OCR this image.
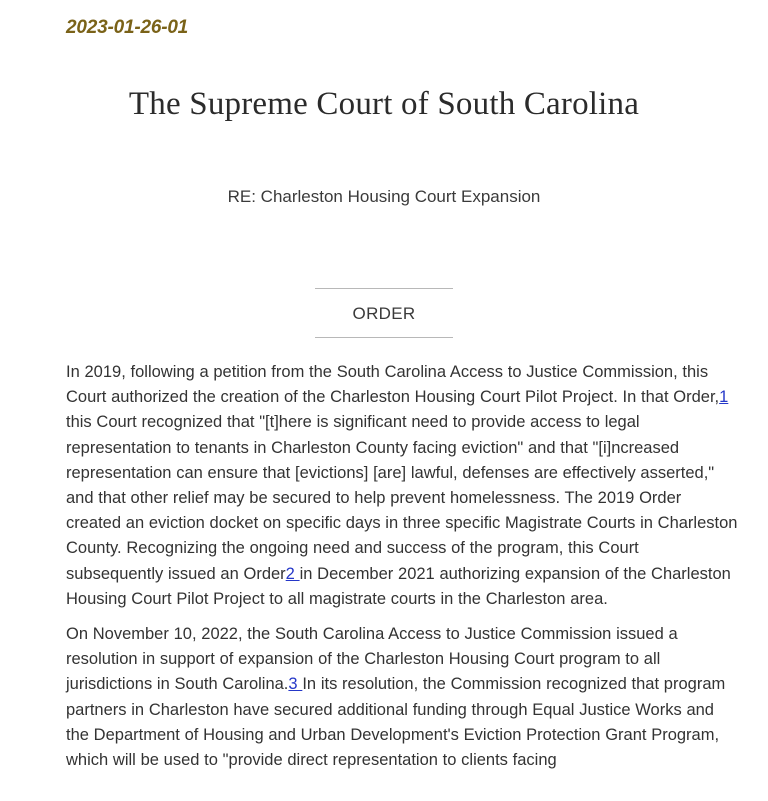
2023-01-26-01
The Supreme Court of South Carolina
RE: Charleston Housing Court Expansion
ORDER

In 2019, following a petition from the South Carolina Access to Justice Commission, this Court authorized the creation of the Charleston Housing Court Pilot Project. In that Order,1 this Court recognized that "[t]here is significant need to provide access to legal representation to tenants in Charleston County facing eviction" and that "[i]ncreased representation can ensure that [evictions] [are] lawful, defenses are effectively asserted," and that other relief may be secured to help prevent homelessness. The 2019 Order created an eviction docket on specific days in three specific Magistrate Courts in Charleston County. Recognizing the ongoing need and success of the program, this Court subsequently issued an Order2 in December 2021 authorizing expansion of the Charleston Housing Court Pilot Project to all magistrate courts in the Charleston area.

On November 10, 2022, the South Carolina Access to Justice Commission issued a resolution in support of expansion of the Charleston Housing Court program to all jurisdictions in South Carolina.3 In its resolution, the Commission recognized that program partners in Charleston have secured additional funding through Equal Justice Works and the Department of Housing and Urban Development's Eviction Protection Grant Program, which will be used to "provide direct representation to clients facing
